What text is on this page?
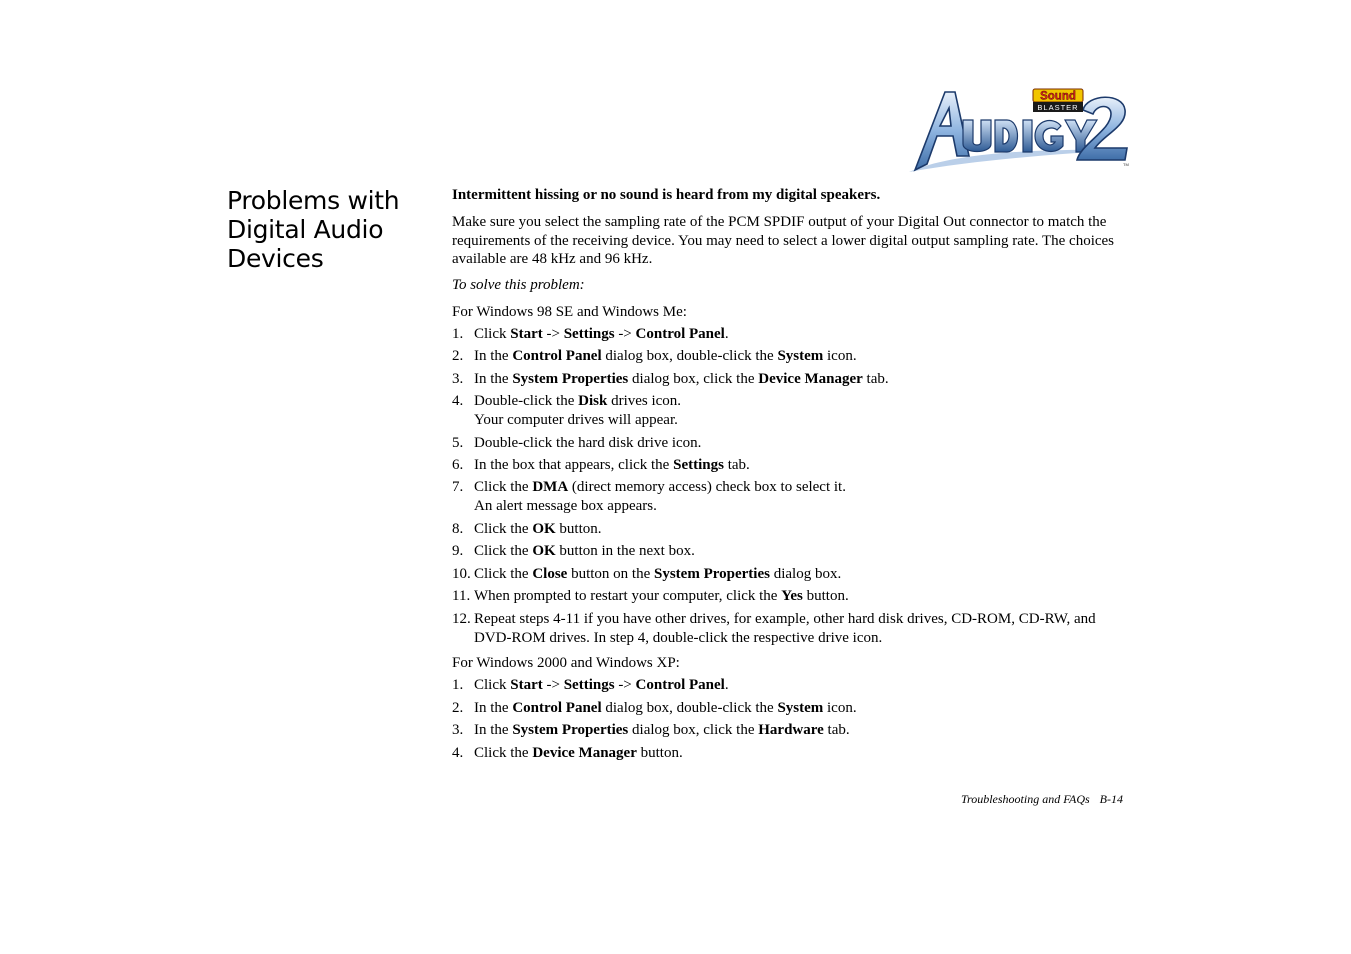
Sound
BLASTER
TM
Problems with
Digital Audio
Devices

Intermittent hissing or no sound is heard from my digital speakers.

Make sure you select the sampling rate of the PCM SPDIF output of your Digital Out connector to match the requirements of the receiving device. You may need to select a lower digital output sampling rate. The choices available are 48 kHz and 96 kHz.

To solve this problem:

For Windows 98 SE and Windows Me:

1. Click Start -> Settings -> Control Panel.
2. In the Control Panel dialog box, double-click the System icon.
3. In the System Properties dialog box, click the Device Manager tab.
4. Double-click the Disk drives icon.
Your computer drives will appear.
5. Double-click the hard disk drive icon.
6. In the box that appears, click the Settings tab.
7. Click the DMA (direct memory access) check box to select it.
An alert message box appears.
8. Click the OK button.
9. Click the OK button in the next box.
10. Click the Close button on the System Properties dialog box.
11. When prompted to restart your computer, click the Yes button.
12. Repeat steps 4-11 if you have other drives, for example, other hard disk drives, CD-ROM, CD-RW, and DVD-ROM drives. In step 4, double-click the respective drive icon.

For Windows 2000 and Windows XP:

1. Click Start -> Settings -> Control Panel.
2. In the Control Panel dialog box, double-click the System icon.
3. In the System Properties dialog box, click the Hardware tab.
4. Click the Device Manager button.
Troubleshooting and FAQs B-14
